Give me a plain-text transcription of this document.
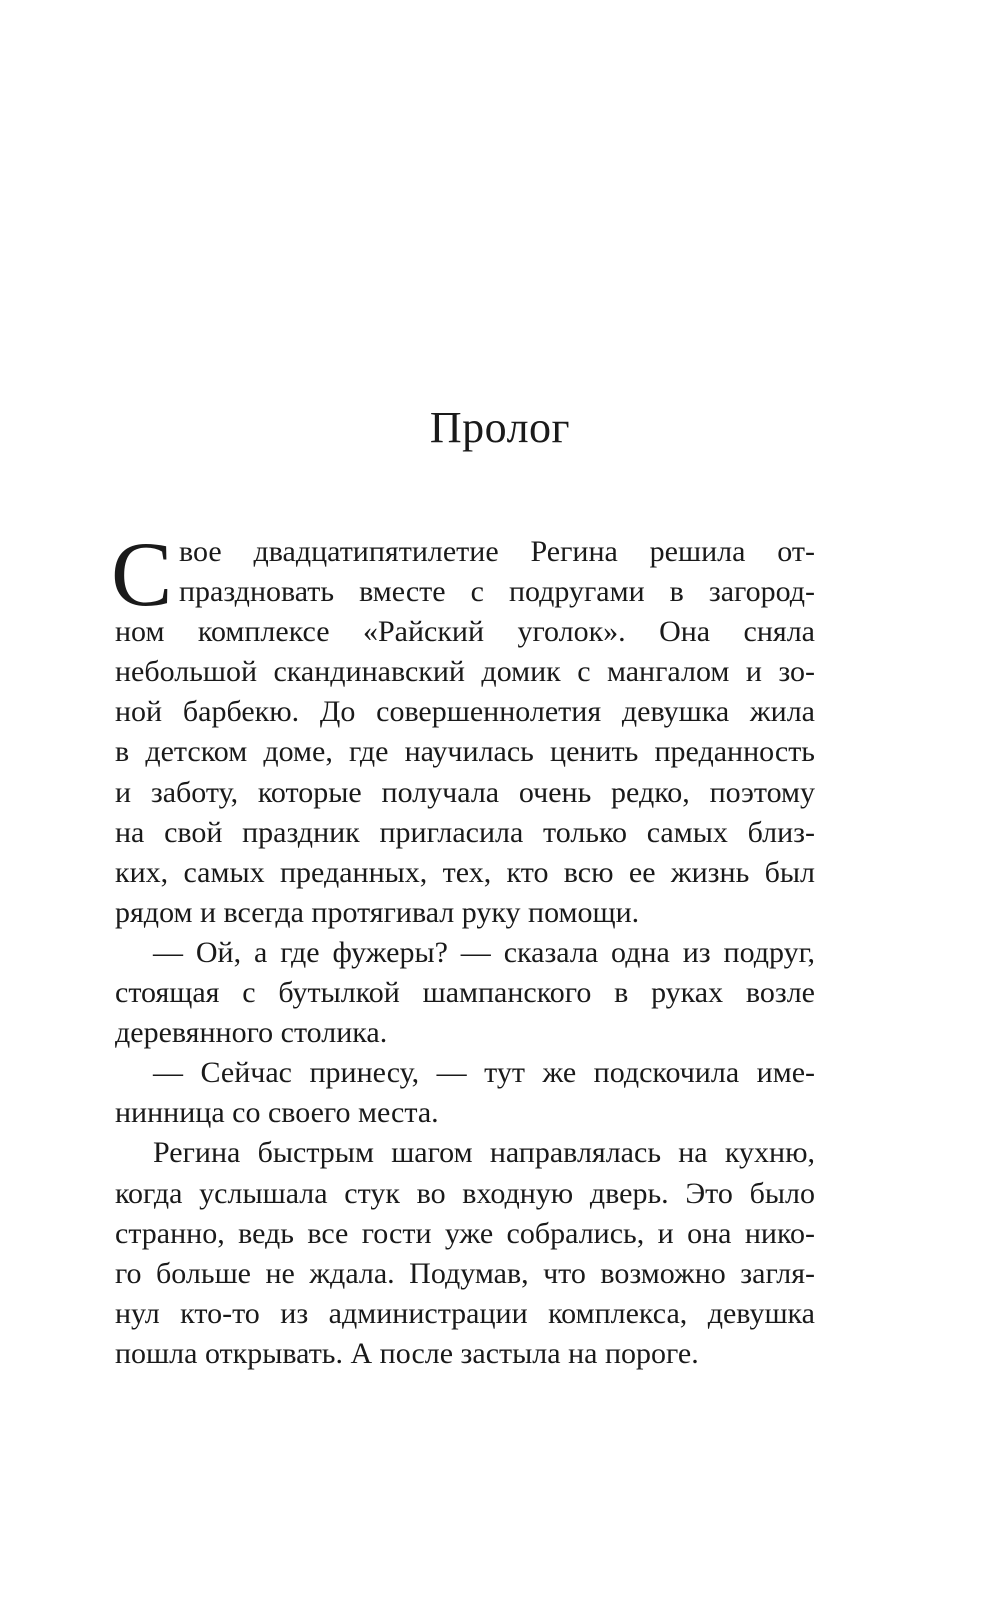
Пролог
С вое двадцатипятилетие Регина решила от-
праздновать вместе с подругами в загород-
ном комплексе «Райский уголок». Она сняла
небольшой скандинавский домик с мангалом и зо-
ной барбекю. До совершеннолетия девушка жила
в детском доме, где научилась ценить преданность
и заботу, которые получала очень редко, поэтому
на свой праздник пригласила только самых близ-
ких, самых преданных, тех, кто всю ее жизнь был
рядом и всегда протягивал руку помощи.
— Ой, а где фужеры? — сказала одна из подруг,
стоящая с бутылкой шампанского в руках возле
деревянного столика.
— Сейчас принесу, — тут же подскочила име-
нинница со своего места.
Регина быстрым шагом направлялась на кухню,
когда услышала стук во входную дверь. Это было
странно, ведь все гости уже собрались, и она нико-
го больше не ждала. Подумав, что возможно загля-
нул кто-то из администрации комплекса, девушка
пошла открывать. А после застыла на пороге.
